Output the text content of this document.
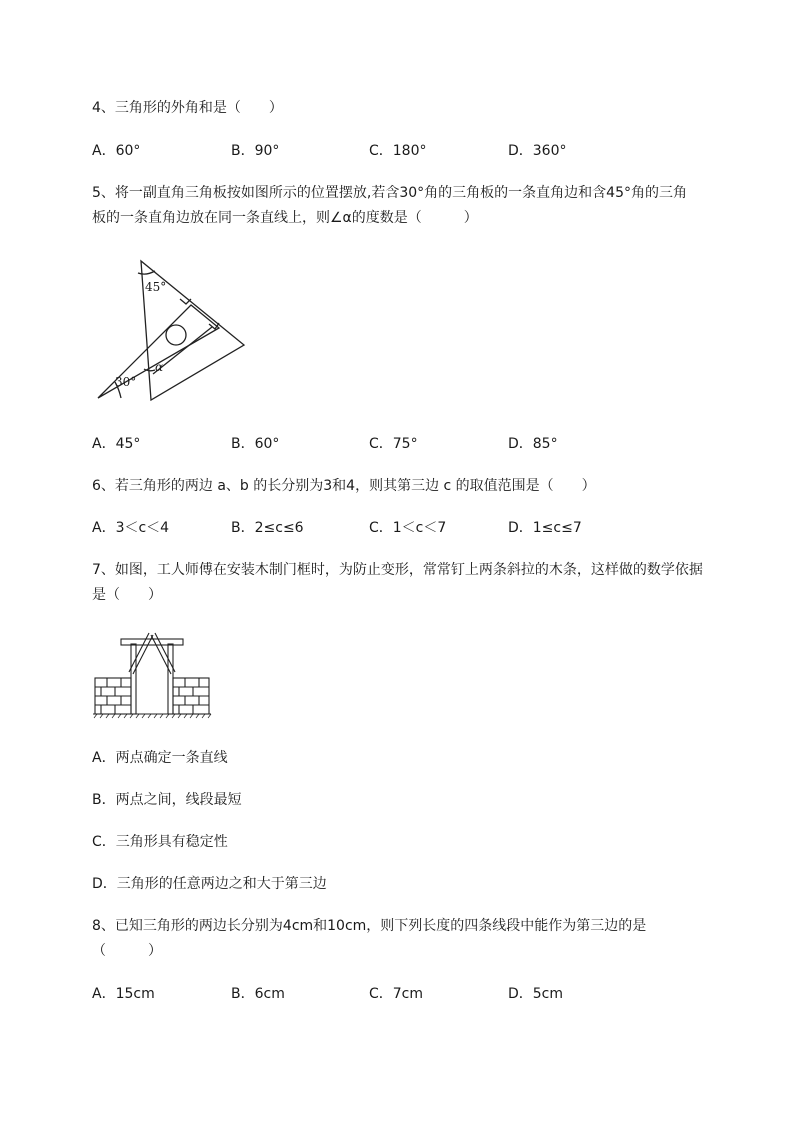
4、三角形的外角和是（　　）
A．60°	B．90°	C．180°	D．360°
5、将一副直角三角板按如图所示的位置摆放,若含30°角的三角板的一条直角边和含45°角的三角
板的一条直角边放在同一条直线上，则∠α的度数是（　　　）
45°
30°
α
A．45°	B．60°	C．75°	D．85°
6、若三角形的两边 a、b 的长分别为3和4，则其第三边 c 的取值范围是（　　）
A．3＜c＜4	B．2≤c≤6	C．1＜c＜7	D．1≤c≤7
7、如图，工人师傅在安装木制门框时，为防止变形，常常钉上两条斜拉的木条，这样做的数学依据
是（　　）
A．两点确定一条直线
B．两点之间，线段最短
C．三角形具有稳定性
D．三角形的任意两边之和大于第三边
8、已知三角形的两边长分别为4cm和10cm，则下列长度的四条线段中能作为第三边的是
（　　　）
A．15cm	B．6cm	C．7cm	D．5cm
